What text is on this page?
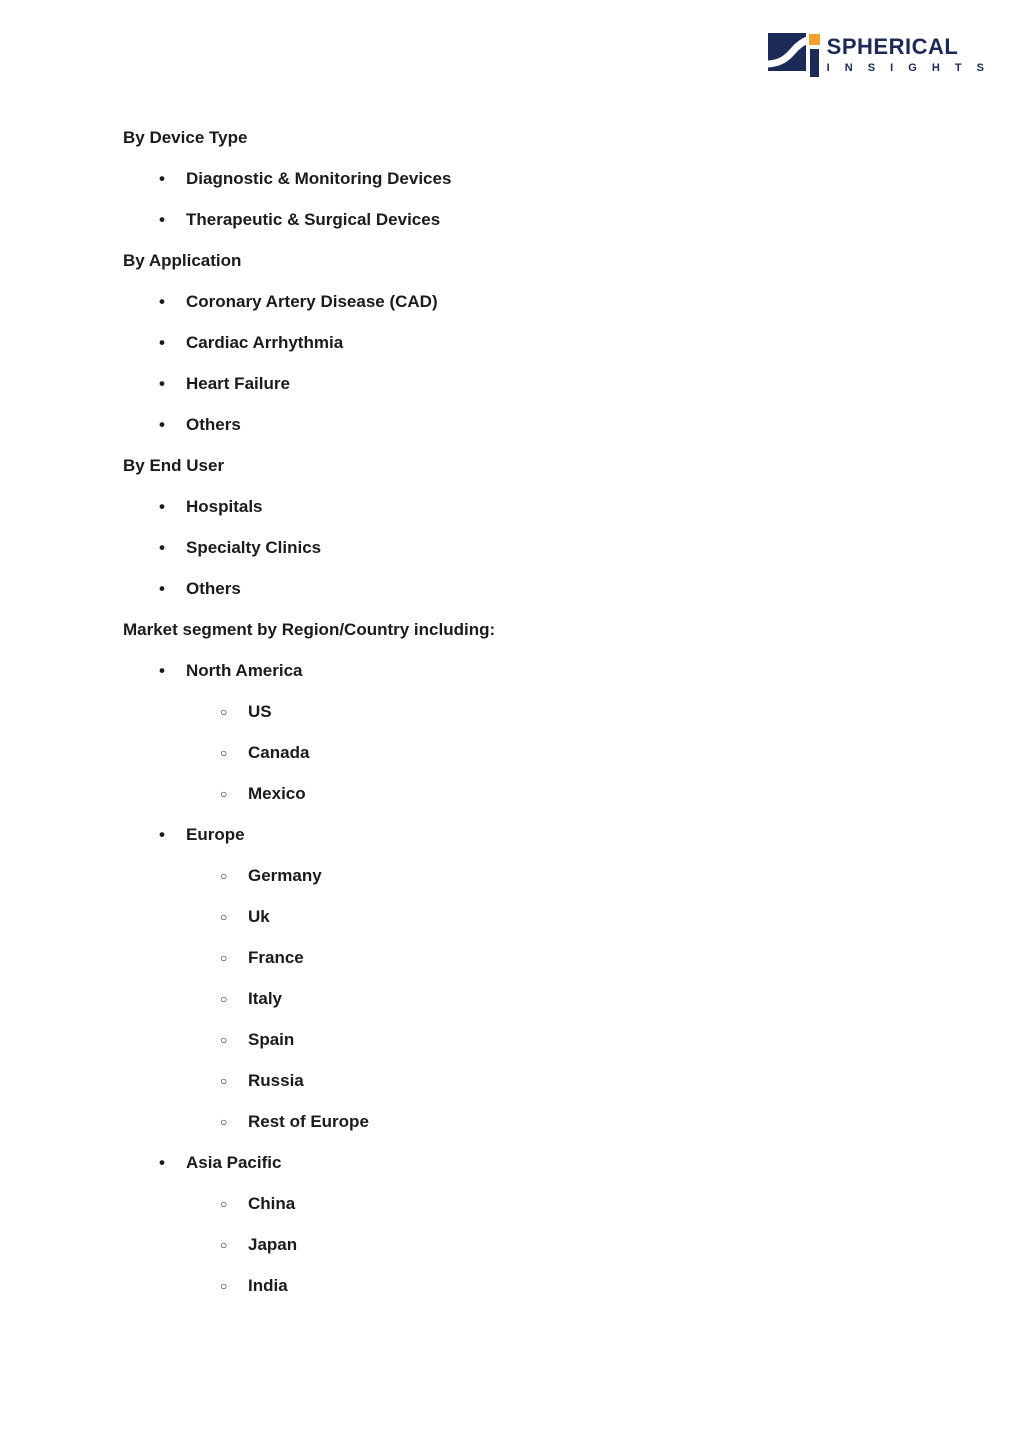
SPHERICAL
I N S I G H T S
By Device Type
•	Diagnostic & Monitoring Devices
•	Therapeutic & Surgical Devices
By Application
•	Coronary Artery Disease (CAD)
•	Cardiac Arrhythmia
•	Heart Failure
•	Others
By End User
•	Hospitals
•	Specialty Clinics
•	Others
Market segment by Region/Country including:
•	North America
○	US
○	Canada
○	Mexico
•	Europe
○	Germany
○	Uk
○	France
○	Italy
○	Spain
○	Russia
○	Rest of Europe
•	Asia Pacific
○	China
○	Japan
○	India
